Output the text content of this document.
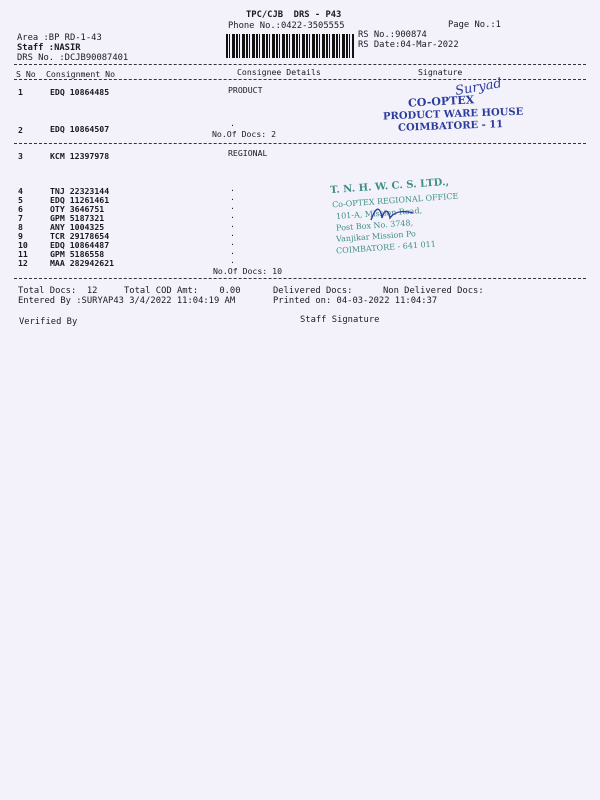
TPC/CJB  DRS - P43
Phone No.:0422-3505555	Page No.:1
RS No.:900874
RS Date:04-Mar-2022
Area :BP RD-1-43
Staff :NASIR
DRS No. :DCJB90087401
S No Consignment No	Consignee Details	Signature
1	EDQ 10864485	PRODUCT
2	EDQ 10864507
.
No.Of Docs: 2
3	KCM 12397978	REGIONAL
4	TNJ 22323144	.
5	EDQ 11261461	.
6	OTY 3646751	.
7	GPM 5187321	.
8	ANY 1004325	.
9	TCR 29178654	.
10	EDQ 10864487	.
11	GPM 5186558	.
12	MAA 282942621	.
No.Of Docs: 10
Suryad
CO-OPTEX
PRODUCT WARE HOUSE
COIMBATORE - 11
T. N. H. W. C. S. LTD.,
Co-OPTEX REGIONAL OFFICE
101-A, Mission Road,
Post Box No. 3748,
Vanjikar Mission Po
COIMBATORE - 641 011
Total Docs:  12	Total COD Amt:    0.00	Delivered Docs:	Non Delivered Docs:
Entered By :SURYAP43 3/4/2022 11:04:19 AM	Printed on: 04-03-2022 11:04:37
Verified By	Staff Signature
